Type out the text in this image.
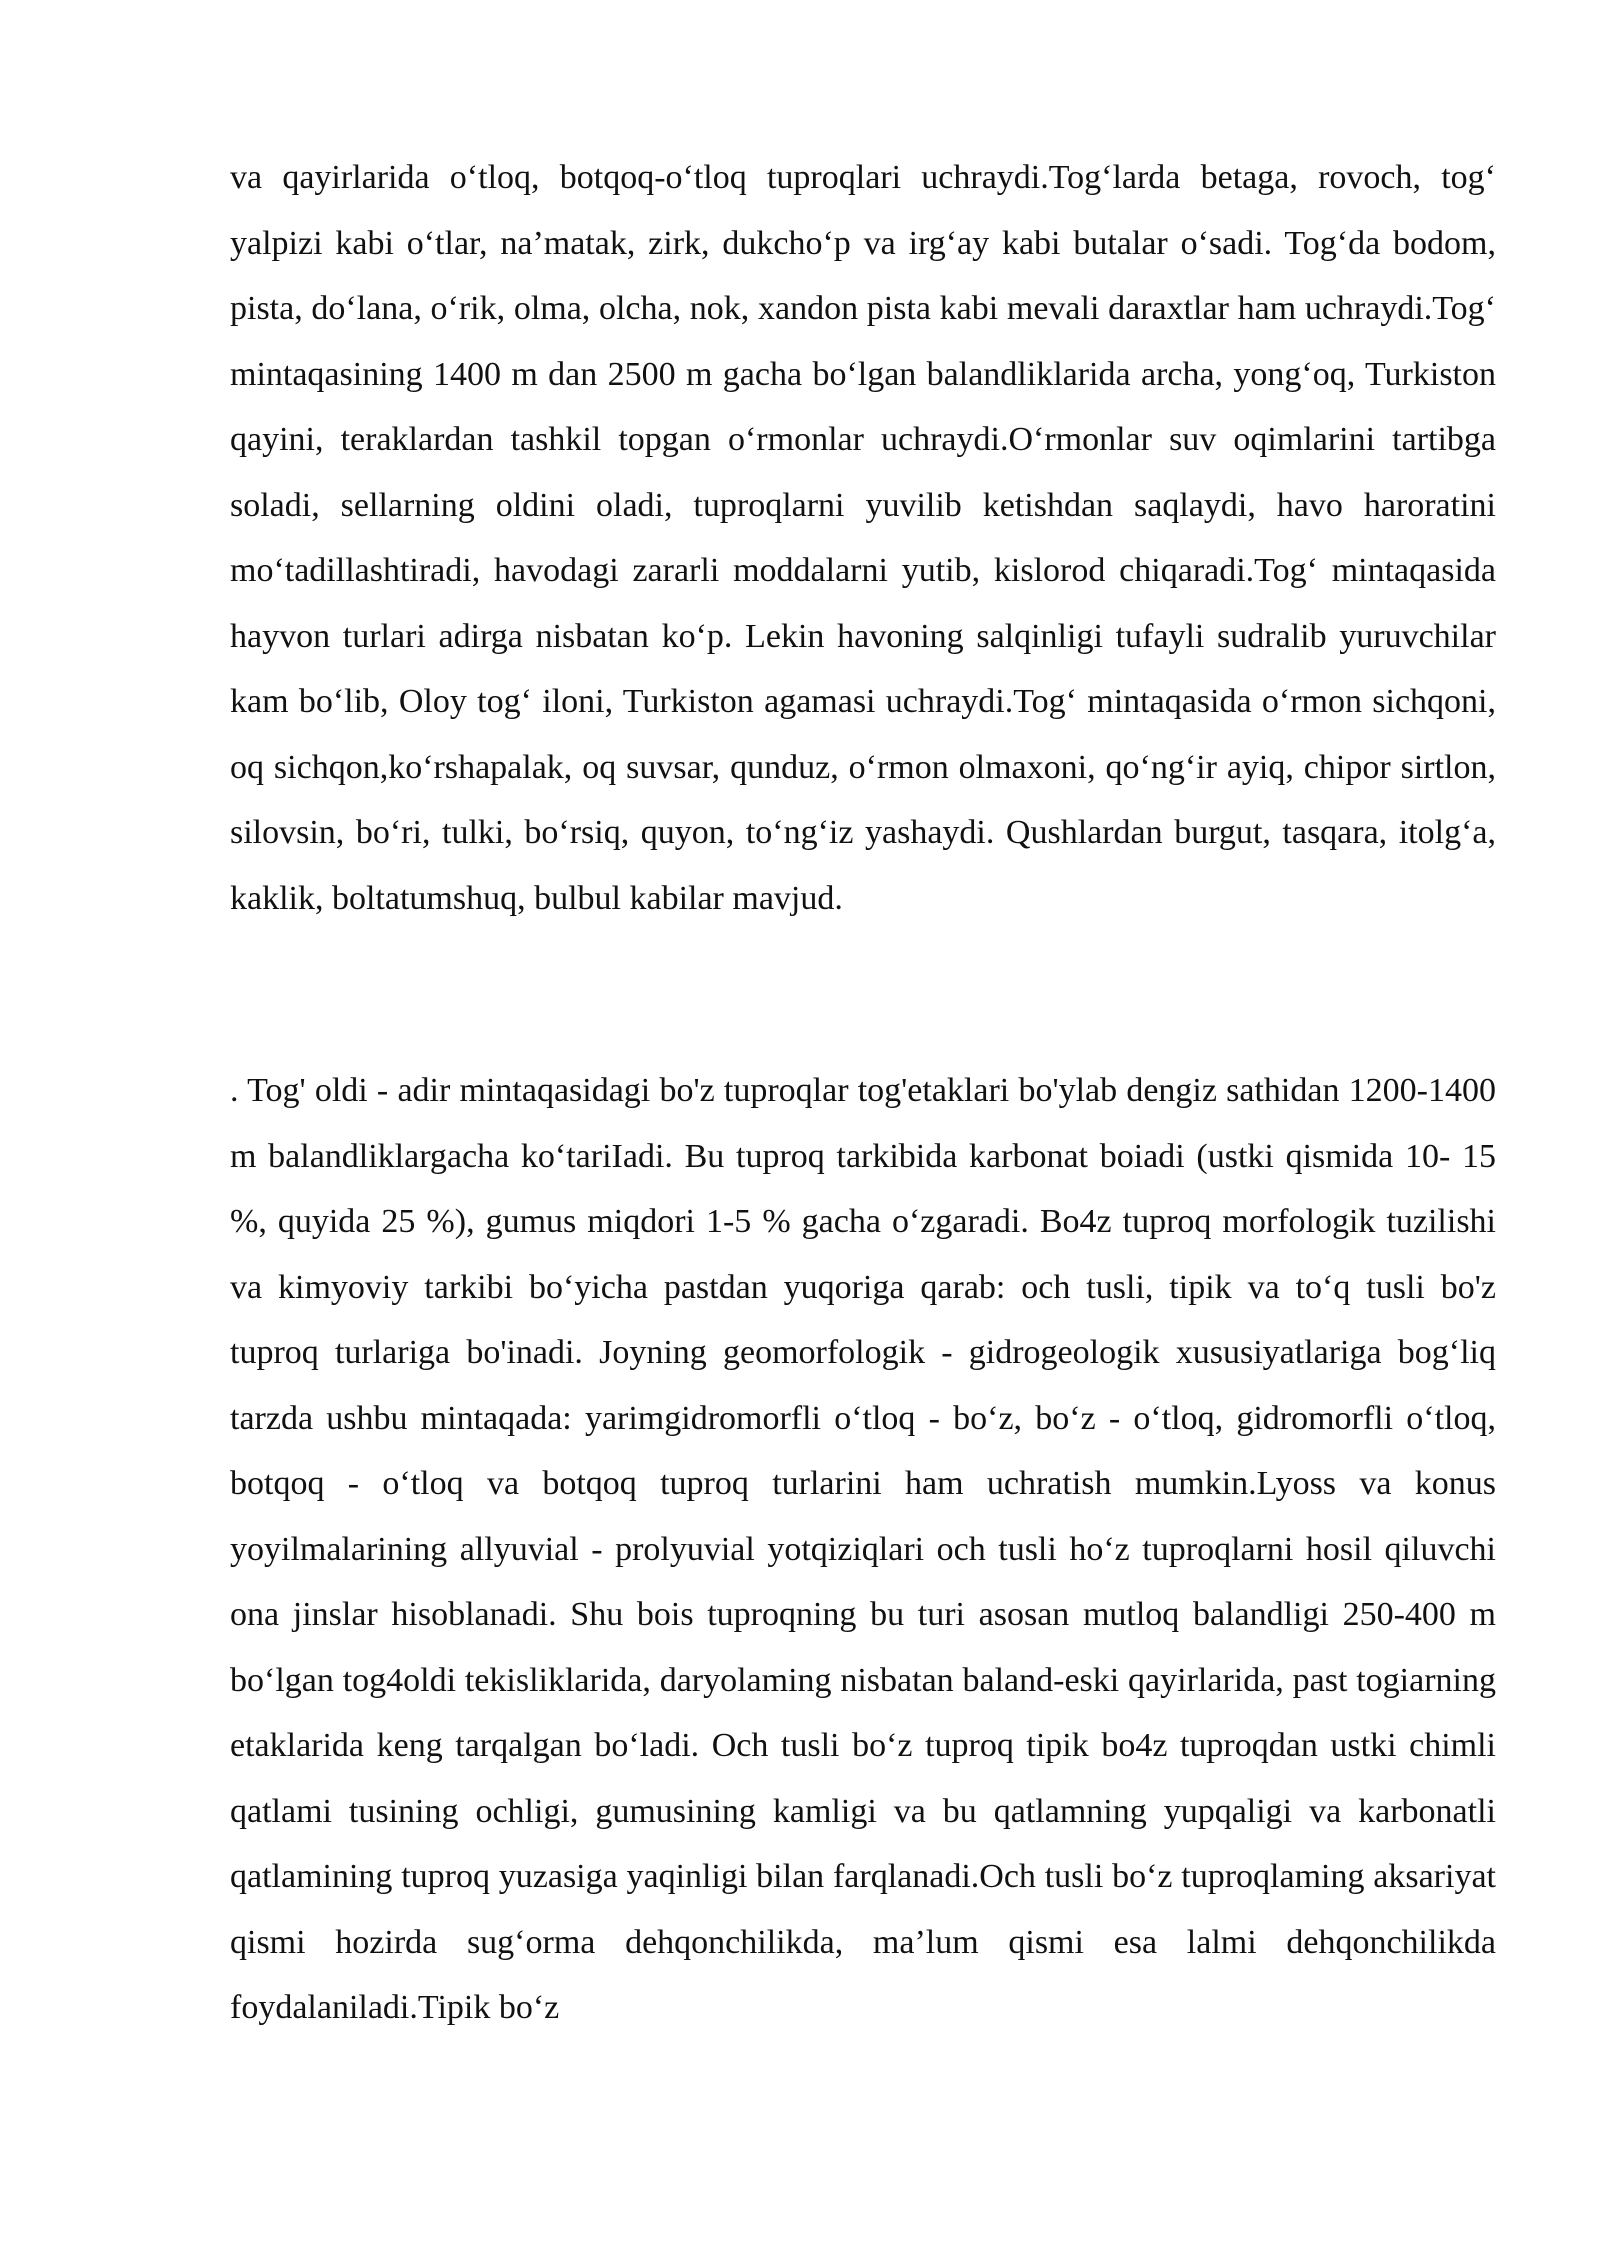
va qayirlarida o‘tloq, botqoq-o‘tloq tuproqlari uchraydi.Tog‘larda betaga, rovoch, tog‘ yalpizi kabi o‘tlar, na’matak, zirk, dukcho‘p va irg‘ay kabi butalar o‘sadi. Tog‘da bodom, pista, do‘lana, o‘rik, olma, olcha, nok, xandon pista kabi mevali daraxtlar ham uchraydi.Tog‘ mintaqasining 1400 m dan 2500 m gacha bo‘lgan balandliklarida archa, yong‘oq, Turkiston qayini, teraklardan tashkil topgan o‘rmonlar uchraydi.O‘rmonlar suv oqimlarini tartibga soladi, sellarning oldini oladi, tuproqlarni yuvilib ketishdan saqlaydi, havo haroratini mo‘tadillashtiradi, havodagi zararli moddalarni yutib, kislorod chiqaradi.Tog‘ mintaqasida hayvon turlari adirga nisbatan ko‘p. Lekin havoning salqinligi tufayli sudralib yuruvchilar kam bo‘lib, Oloy tog‘ iloni, Turkiston agamasi uchraydi.Tog‘ mintaqasida o‘rmon sichqoni, oq sichqon,ko‘rshapalak, oq suvsar, qunduz, o‘rmon olmaxoni, qo‘ng‘ir ayiq, chipor sirtlon, silovsin, bo‘ri, tulki, bo‘rsiq, quyon, to‘ng‘iz yashaydi. Qushlardan burgut, tasqara, itolg‘a, kaklik, boltatumshuq, bulbul kabilar mavjud.

. Tog' oldi - adir mintaqasidagi bo'z tuproqlar tog'etaklari bo'ylab dengiz sathidan 1200-1400 m balandliklargacha ko‘tariIadi. Bu tuproq tarkibida karbonat boiadi (ustki qismida 10- 15 %, quyida 25 %), gumus miqdori 1-5 % gacha o‘zgaradi. Bo4z tuproq morfologik tuzilishi va kimyoviy tarkibi bo‘yicha pastdan yuqoriga qarab: och tusli, tipik va to‘q tusli bo'z tuproq turlariga bo'inadi. Joyning geomorfologik - gidrogeologik xususiyatlariga bog‘liq tarzda ushbu mintaqada: yarimgidromorfli o‘tloq - bo‘z, bo‘z - o‘tloq, gidromorfli o‘tloq, botqoq - o‘tloq va botqoq tuproq turlarini ham uchratish mumkin.Lyoss va konus yoyilmalarining allyuvial - prolyuvial yotqiziqlari och tusli ho‘z tuproqlarni hosil qiluvchi ona jinslar hisoblanadi. Shu bois tuproqning bu turi asosan mutloq balandligi 250-400 m bo‘lgan tog4oldi tekisliklarida, daryolaming nisbatan baland-eski qayirlarida, past togiarning etaklarida keng tarqalgan bo‘ladi. Och tusli bo‘z tuproq tipik bo4z tuproqdan ustki chimli qatlami tusining ochligi, gumusining kamligi va bu qatlamning yupqaligi va karbonatli qatlamining tuproq yuzasiga yaqinligi bilan farqlanadi.Och tusli bo‘z tuproqlaming aksariyat qismi hozirda sug‘orma dehqonchilikda, ma’lum qismi esa lalmi dehqonchilikda foydalaniladi.Tipik bo‘z
